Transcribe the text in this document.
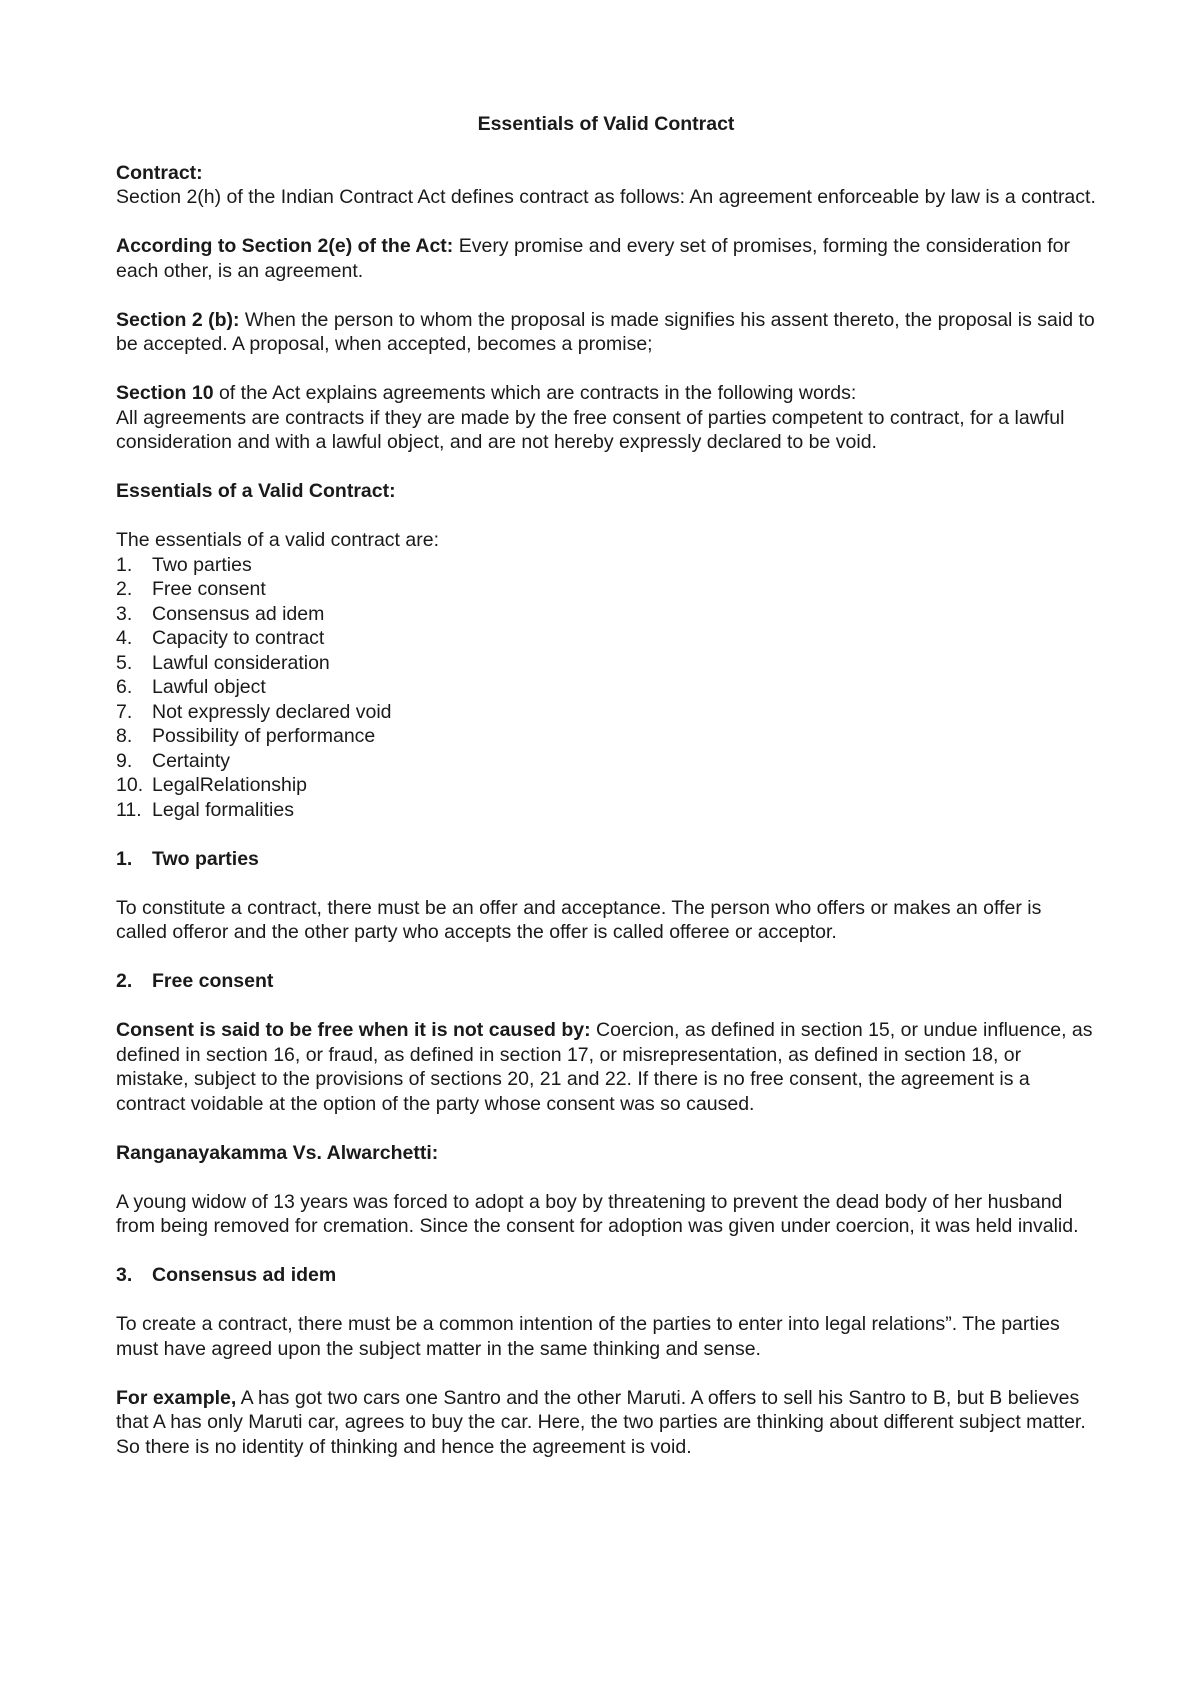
Essentials of Valid Contract
Contract:
Section 2(h) of the Indian Contract Act defines contract as follows: An agreement enforceable by law is a contract.

According to Section 2(e) of the Act: Every promise and every set of promises, forming the consideration for each other, is an agreement.

Section 2 (b): When the person to whom the proposal is made signifies his assent thereto, the proposal is said to be accepted. A proposal, when accepted, becomes a promise;

Section 10 of the Act explains agreements which are contracts in the following words:
All agreements are contracts if they are made by the free consent of parties competent to contract, for a lawful consideration and with a lawful object, and are not hereby expressly declared to be void.
Essentials of a Valid Contract:
The essentials of a valid contract are:
1.	Two parties
2.	Free consent
3.	Consensus ad idem
4.	Capacity to contract
5.	Lawful consideration
6.	Lawful object
7.	Not expressly declared void
8.	Possibility of performance
9.	Certainty
10. LegalRelationship
11. Legal formalities
1.	Two parties

To constitute a contract, there must be an offer and acceptance. The person who offers or makes an offer is called offeror and the other party who accepts the offer is called offeree or acceptor.

2.	Free consent

Consent is said to be free when it is not caused by: Coercion, as defined in section 15, or undue influence, as defined in section 16, or fraud, as defined in section 17, or misrepresentation, as defined in section 18, or mistake, subject to the provisions of sections 20, 21 and 22. If there is no free consent, the agreement is a contract voidable at the option of the party whose consent was so caused.

Ranganayakamma Vs. Alwarchetti:

A young widow of 13 years was forced to adopt a boy by threatening to prevent the dead body of her husband from being removed for cremation. Since the consent for adoption was given under coercion, it was held invalid.

3.	Consensus ad idem

To create a contract, there must be a common intention of the parties to enter into legal relations”. The parties must have agreed upon the subject matter in the same thinking and sense.

For example, A has got two cars one Santro and the other Maruti. A offers to sell his Santro to B, but B believes that A has only Maruti car, agrees to buy the car. Here, the two parties are thinking about different subject matter. So there is no identity of thinking and hence the agreement is void.
